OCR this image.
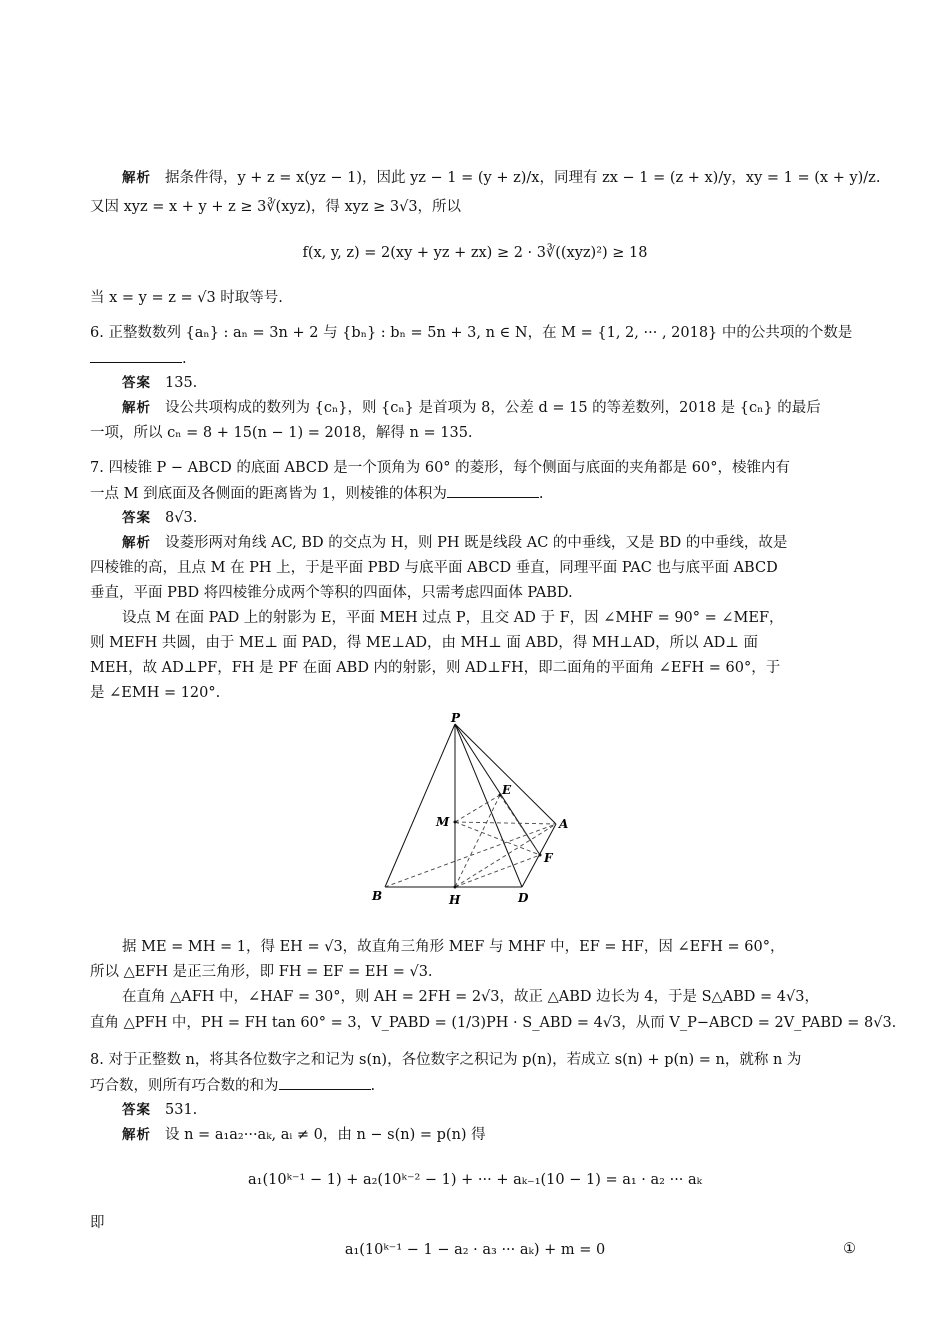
解析 据条件得，y + z = x(yz − 1)，因此 yz − 1 = (y + z)/x，同理有 zx − 1 = (z + x)/y，xy = 1 = (x + y)/z.
又因 xyz = x + y + z ≥ 3∛(xyz)，得 xyz ≥ 3√3，所以
f(x, y, z) = 2(xy + yz + zx) ≥ 2 · 3∛((xyz)²) ≥ 18
当 x = y = z = √3 时取等号.
6. 正整数数列 {aₙ} : aₙ = 3n + 2 与 {bₙ} : bₙ = 5n + 3, n ∈ N，在 M = {1, 2, ··· , 2018} 中的公共项的个数是
.
答案 135.
解析 设公共项构成的数列为 {cₙ}，则 {cₙ} 是首项为 8，公差 d = 15 的等差数列，2018 是 {cₙ} 的最后
一项，所以 cₙ = 8 + 15(n − 1) = 2018，解得 n = 135.
7. 四棱锥 P − ABCD 的底面 ABCD 是一个顶角为 60° 的菱形，每个侧面与底面的夹角都是 60°，棱锥内有
一点 M 到底面及各侧面的距离皆为 1，则棱锥的体积为	.
答案 8√3.
解析 设菱形两对角线 AC, BD 的交点为 H，则 PH 既是线段 AC 的中垂线，又是 BD 的中垂线，故是
四棱锥的高，且点 M 在 PH 上，于是平面 PBD 与底平面 ABCD 垂直，同理平面 PAC 也与底平面 ABCD
垂直，平面 PBD 将四棱锥分成两个等积的四面体，只需考虑四面体 PABD.
设点 M 在面 PAD 上的射影为 E，平面 MEH 过点 P，且交 AD 于 F，因 ∠MHF = 90° = ∠MEF，
则 MEFH 共圆，由于 ME⊥ 面 PAD，得 ME⊥AD，由 MH⊥ 面 ABD，得 MH⊥AD，所以 AD⊥ 面
MEH，故 AD⊥PF，FH 是 PF 在面 ABD 内的射影，则 AD⊥FH，即二面角的平面角 ∠EFH = 60°，于
是 ∠EMH = 120°.
P
E
M	A
F
B	H	D
据 ME = MH = 1，得 EH = √3，故直角三角形 MEF 与 MHF 中，EF = HF，因 ∠EFH = 60°，
所以 △EFH 是正三角形，即 FH = EF = EH = √3.
在直角 △AFH 中，∠HAF = 30°，则 AH = 2FH = 2√3，故正 △ABD 边长为 4，于是 S△ABD = 4√3，
直角 △PFH 中，PH = FH tan 60° = 3，V_PABD = (1/3)PH · S_ABD = 4√3，从而 V_P−ABCD = 2V_PABD = 8√3.
8. 对于正整数 n，将其各位数字之和记为 s(n)，各位数字之积记为 p(n)，若成立 s(n) + p(n) = n，就称 n 为
巧合数，则所有巧合数的和为	.
答案 531.
解析 设 n = a₁a₂···aₖ, aᵢ ≠ 0，由 n − s(n) = p(n) 得
a₁(10ᵏ⁻¹ − 1) + a₂(10ᵏ⁻² − 1) + ··· + aₖ₋₁(10 − 1) = a₁ · a₂ ··· aₖ
即
a₁(10ᵏ⁻¹ − 1 − a₂ · a₃ ··· aₖ) + m = 0	①
